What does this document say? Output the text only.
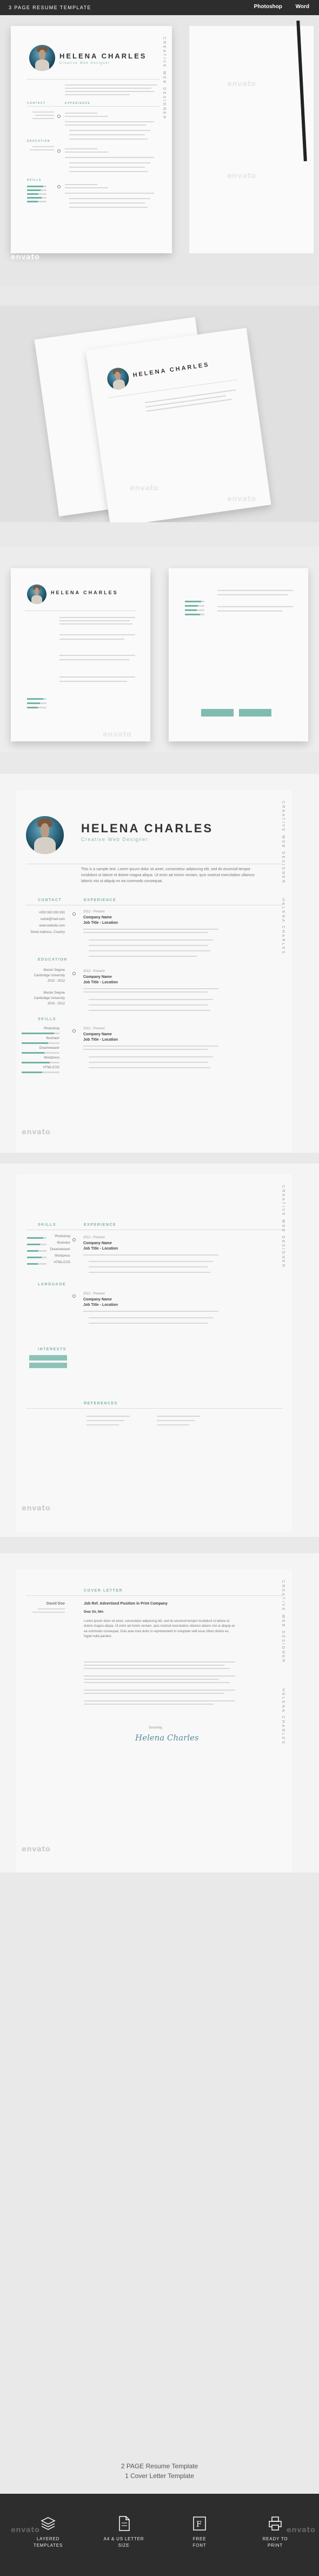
3 PAGE RESUME TEMPLATE	Photoshop Word
HELENA CHARLES
Creative Web Designer
CONTACT	EXPERIENCE
EDUCATION
SKILLS
CREATIVE WEB DESIGNER	envato
envato
envato
HELENA CHARLES
envato
envato
HELENA CHARLES
envato
HELENA CHARLES
Creative Web Designer
This is a sample text. Lorem ipsum dolor sit amet, consectetur adipiscing elit, sed do eiusmod tempor incididunt ut labore et dolore magna aliqua. Ut enim ad minim veniam, quis nostrud exercitation ullamco laboris nisi ut aliquip ex ea commodo consequat.
CONTACT	EXPERIENCE
+000 000 000 000
name@mail.com
www.website.com
Street Address, Country
2012 - Present
Company Name
Job Title - Location
EDUCATION
Master Degree
Cambridge University
2010 - 2012
Master Degree
Cambridge University
2010 - 2012
2012 - Present
Company Name
Job Title - Location
SKILLS
Photoshop
Illustrator
Dreamweaver
Wordpress
HTML/CSS
2012 - Present
Company Name
Job Title - Location
CREATIVE WEB DESIGNER
HELENA CHARLES
envato
SKILLS	EXPERIENCE
Photoshop
Illustrator
Dreamweaver
Wordpress
HTML/CSS
2012 - Present
Company Name
Job Title - Location
LANGUAGE
2012 - Present
Company Name
Job Title - Location
INTERESTS
REFERENCES
CREATIVE WEB DESIGNER
envato
COVER LETTER
David Doe	Job Ref. Advertised Position in Print Company
Dear Sir, Mm
Lorem ipsum dolor sit amet, consectetur adipiscing elit, sed do eiusmod tempor incididunt ut labore et dolore magna aliqua. Ut enim ad minim veniam, quis nostrud exercitation ullamco laboris nisi ut aliquip ex ea commodo consequat. Duis aute irure dolor in reprehenderit in voluptate velit esse cillum dolore eu fugiat nulla pariatur.
Sincerely,
Helena Charles
CREATIVE WEB DESIGNER
HELENA CHARLES
envato
2 PAGE Resume Template
1 Cover Letter Template
LAYERED
TEMPLATES
A4 & US LETTER
SIZE
F
FREE
FONT
READY TO
PRINT
envato	envato
